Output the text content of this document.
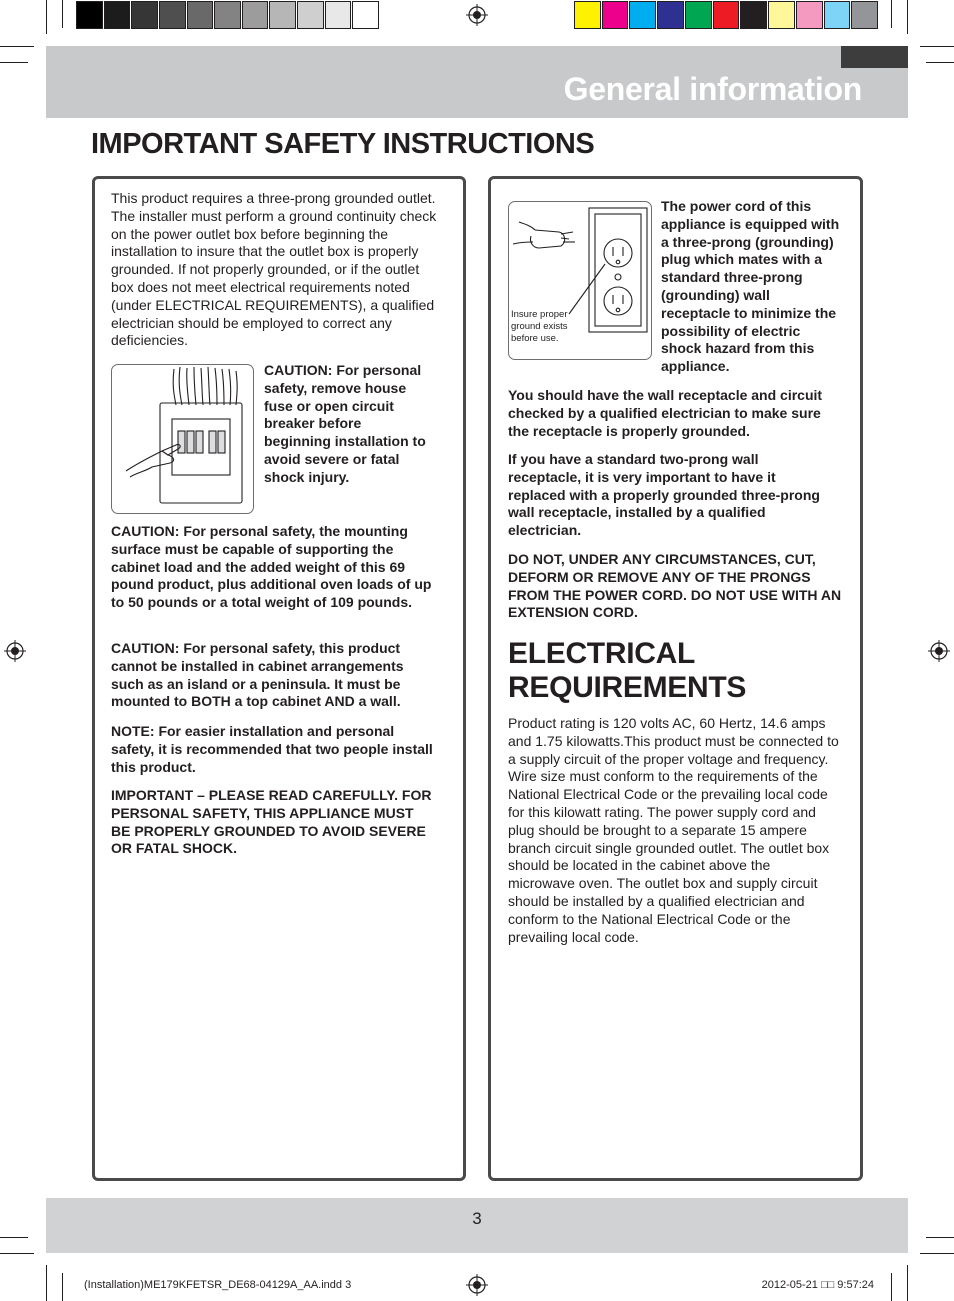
General information
IMPORTANT SAFETY INSTRUCTIONS
This product requires a three-prong grounded outlet. The installer must perform a ground continuity check on the power outlet box before beginning the installation to insure that the outlet box is properly grounded. If not properly grounded, or if the outlet box does not meet electrical requirements noted (under ELECTRICAL REQUIREMENTS), a qualified electrician should be employed to correct any deficiencies.
CAUTION: For personal safety, remove house fuse or open circuit breaker before beginning installation to avoid severe or fatal shock injury.
CAUTION: For personal safety, the mounting surface must be capable of supporting the cabinet load and the added weight of this 69 pound product, plus additional oven loads of up to 50 pounds or a total weight of 109 pounds.
CAUTION: For personal safety, this product cannot be installed in cabinet arrangements such as an island or a peninsula. It must be mounted to BOTH a top cabinet AND a wall.
NOTE: For easier installation and personal safety, it is recommended that two people install this product.
IMPORTANT – PLEASE READ CAREFULLY. FOR PERSONAL SAFETY, THIS APPLIANCE MUST BE PROPERLY GROUNDED TO AVOID SEVERE OR FATAL SHOCK.
Insure proper ground exists before use.
The power cord of this appliance is equipped with a three-prong (grounding) plug which mates with a standard three-prong (grounding) wall receptacle to minimize the possibility of electric shock hazard from this appliance.
You should have the wall receptacle and circuit checked by a qualified electrician to make sure the receptacle is properly grounded.
If you have a standard two-prong wall receptacle, it is very important to have it replaced with a properly grounded three-prong wall receptacle, installed by a qualified electrician.
DO NOT, UNDER ANY CIRCUMSTANCES, CUT, DEFORM OR REMOVE ANY OF THE PRONGS FROM THE POWER CORD. DO NOT USE WITH AN EXTENSION CORD.
ELECTRICAL
REQUIREMENTS
Product rating is 120 volts AC, 60 Hertz, 14.6 amps and 1.75 kilowatts.This product must be connected to a supply circuit of the proper voltage and frequency. Wire size must conform to the requirements of the National Electrical Code or the prevailing local code for this kilowatt rating. The power supply cord and plug should be brought to a separate 15 ampere branch circuit single grounded outlet. The outlet box should be located in the cabinet above the microwave oven. The outlet box and supply circuit should be installed by a qualified electrician and conform to the National Electrical Code or the prevailing local code.
3
(Installation)ME179KFETSR_DE68-04129A_AA.indd 3	2012-05-21 □□ 9:57:24
